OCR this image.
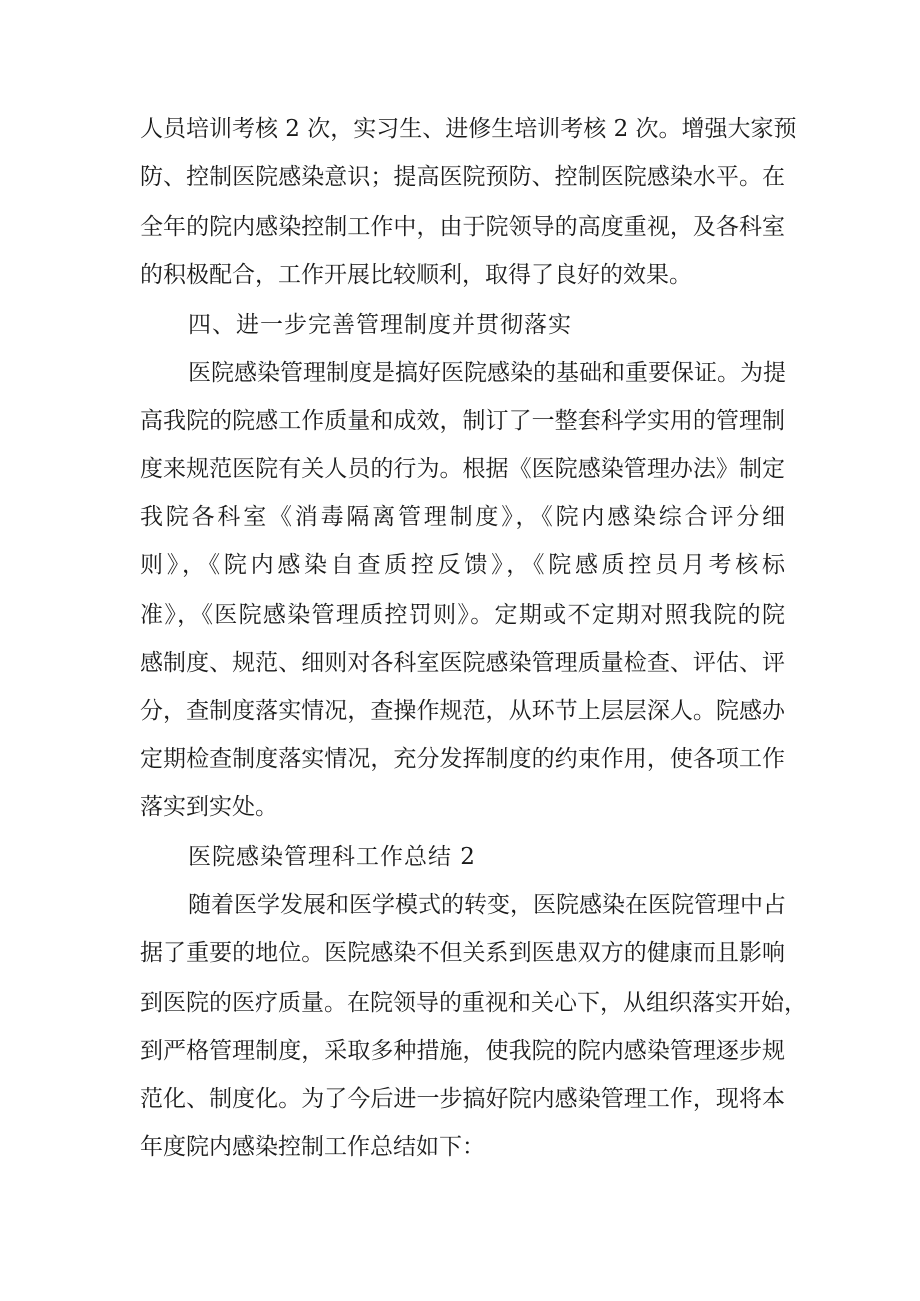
人员培训考核 2 次，实习生、进修生培训考核 2 次。增强大家预
防、控制医院感染意识；提高医院预防、控制医院感染水平。在
全年的院内感染控制工作中，由于院领导的高度重视，及各科室
的积极配合，工作开展比较顺利，取得了良好的效果。
四、进一步完善管理制度并贯彻落实
医院感染管理制度是搞好医院感染的基础和重要保证。为提
高我院的院感工作质量和成效，制订了一整套科学实用的管理制
度来规范医院有关人员的行为。根据《医院感染管理办法》制定
我院各科室《消毒隔离管理制度》，《院内感染综合评分细
则》，《院内感染自查质控反馈》，《院感质控员月考核标
准》，《医院感染管理质控罚则》。定期或不定期对照我院的院
感制度、规范、细则对各科室医院感染管理质量检查、评估、评
分，查制度落实情况，查操作规范，从环节上层层深人。院感办
定期检查制度落实情况，充分发挥制度的约束作用，使各项工作
落实到实处。
医院感染管理科工作总结 2
随着医学发展和医学模式的转变，医院感染在医院管理中占
据了重要的地位。医院感染不但关系到医患双方的健康而且影响
到医院的医疗质量。在院领导的重视和关心下，从组织落实开始，
到严格管理制度，采取多种措施，使我院的院内感染管理逐步规
范化、制度化。为了今后进一步搞好院内感染管理工作，现将本
年度院内感染控制工作总结如下：
